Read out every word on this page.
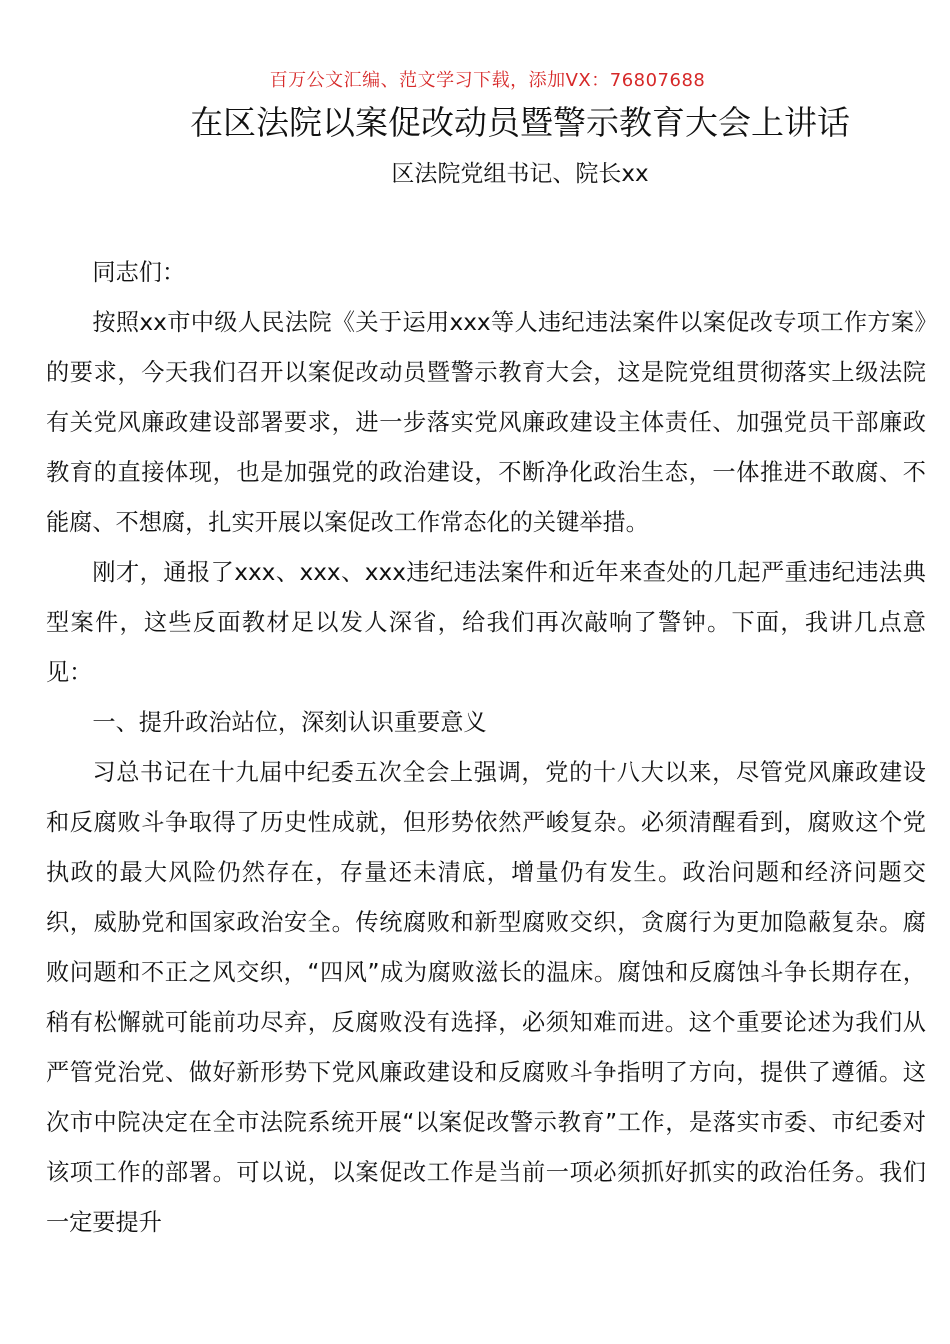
百万公文汇编、范文学习下载，添加VX：76807688
在区法院以案促改动员暨警示教育大会上讲话
区法院党组书记、院长xx

同志们：

按照xx市中级人民法院《关于运用xxx等人违纪违法案件以案促改专项工作方案》的要求，今天我们召开以案促改动员暨警示教育大会，这是院党组贯彻落实上级法院有关党风廉政建设部署要求，进一步落实党风廉政建设主体责任、加强党员干部廉政教育的直接体现，也是加强党的政治建设，不断净化政治生态，一体推进不敢腐、不能腐、不想腐，扎实开展以案促改工作常态化的关键举措。

刚才，通报了xxx、xxx、xxx违纪违法案件和近年来查处的几起严重违纪违法典型案件，这些反面教材足以发人深省，给我们再次敲响了警钟。下面，我讲几点意见：

一、提升政治站位，深刻认识重要意义

习总书记在十九届中纪委五次全会上强调，党的十八大以来，尽管党风廉政建设和反腐败斗争取得了历史性成就，但形势依然严峻复杂。必须清醒看到，腐败这个党执政的最大风险仍然存在，存量还未清底，增量仍有发生。政治问题和经济问题交织，威胁党和国家政治安全。传统腐败和新型腐败交织，贪腐行为更加隐蔽复杂。腐败问题和不正之风交织，“四风”成为腐败滋长的温床。腐蚀和反腐蚀斗争长期存在，稍有松懈就可能前功尽弃，反腐败没有选择，必须知难而进。这个重要论述为我们从严管党治党、做好新形势下党风廉政建设和反腐败斗争指明了方向，提供了遵循。这次市中院决定在全市法院系统开展“以案促改警示教育”工作，是落实市委、市纪委对该项工作的部署。可以说，以案促改工作是当前一项必须抓好抓实的政治任务。我们一定要提升
